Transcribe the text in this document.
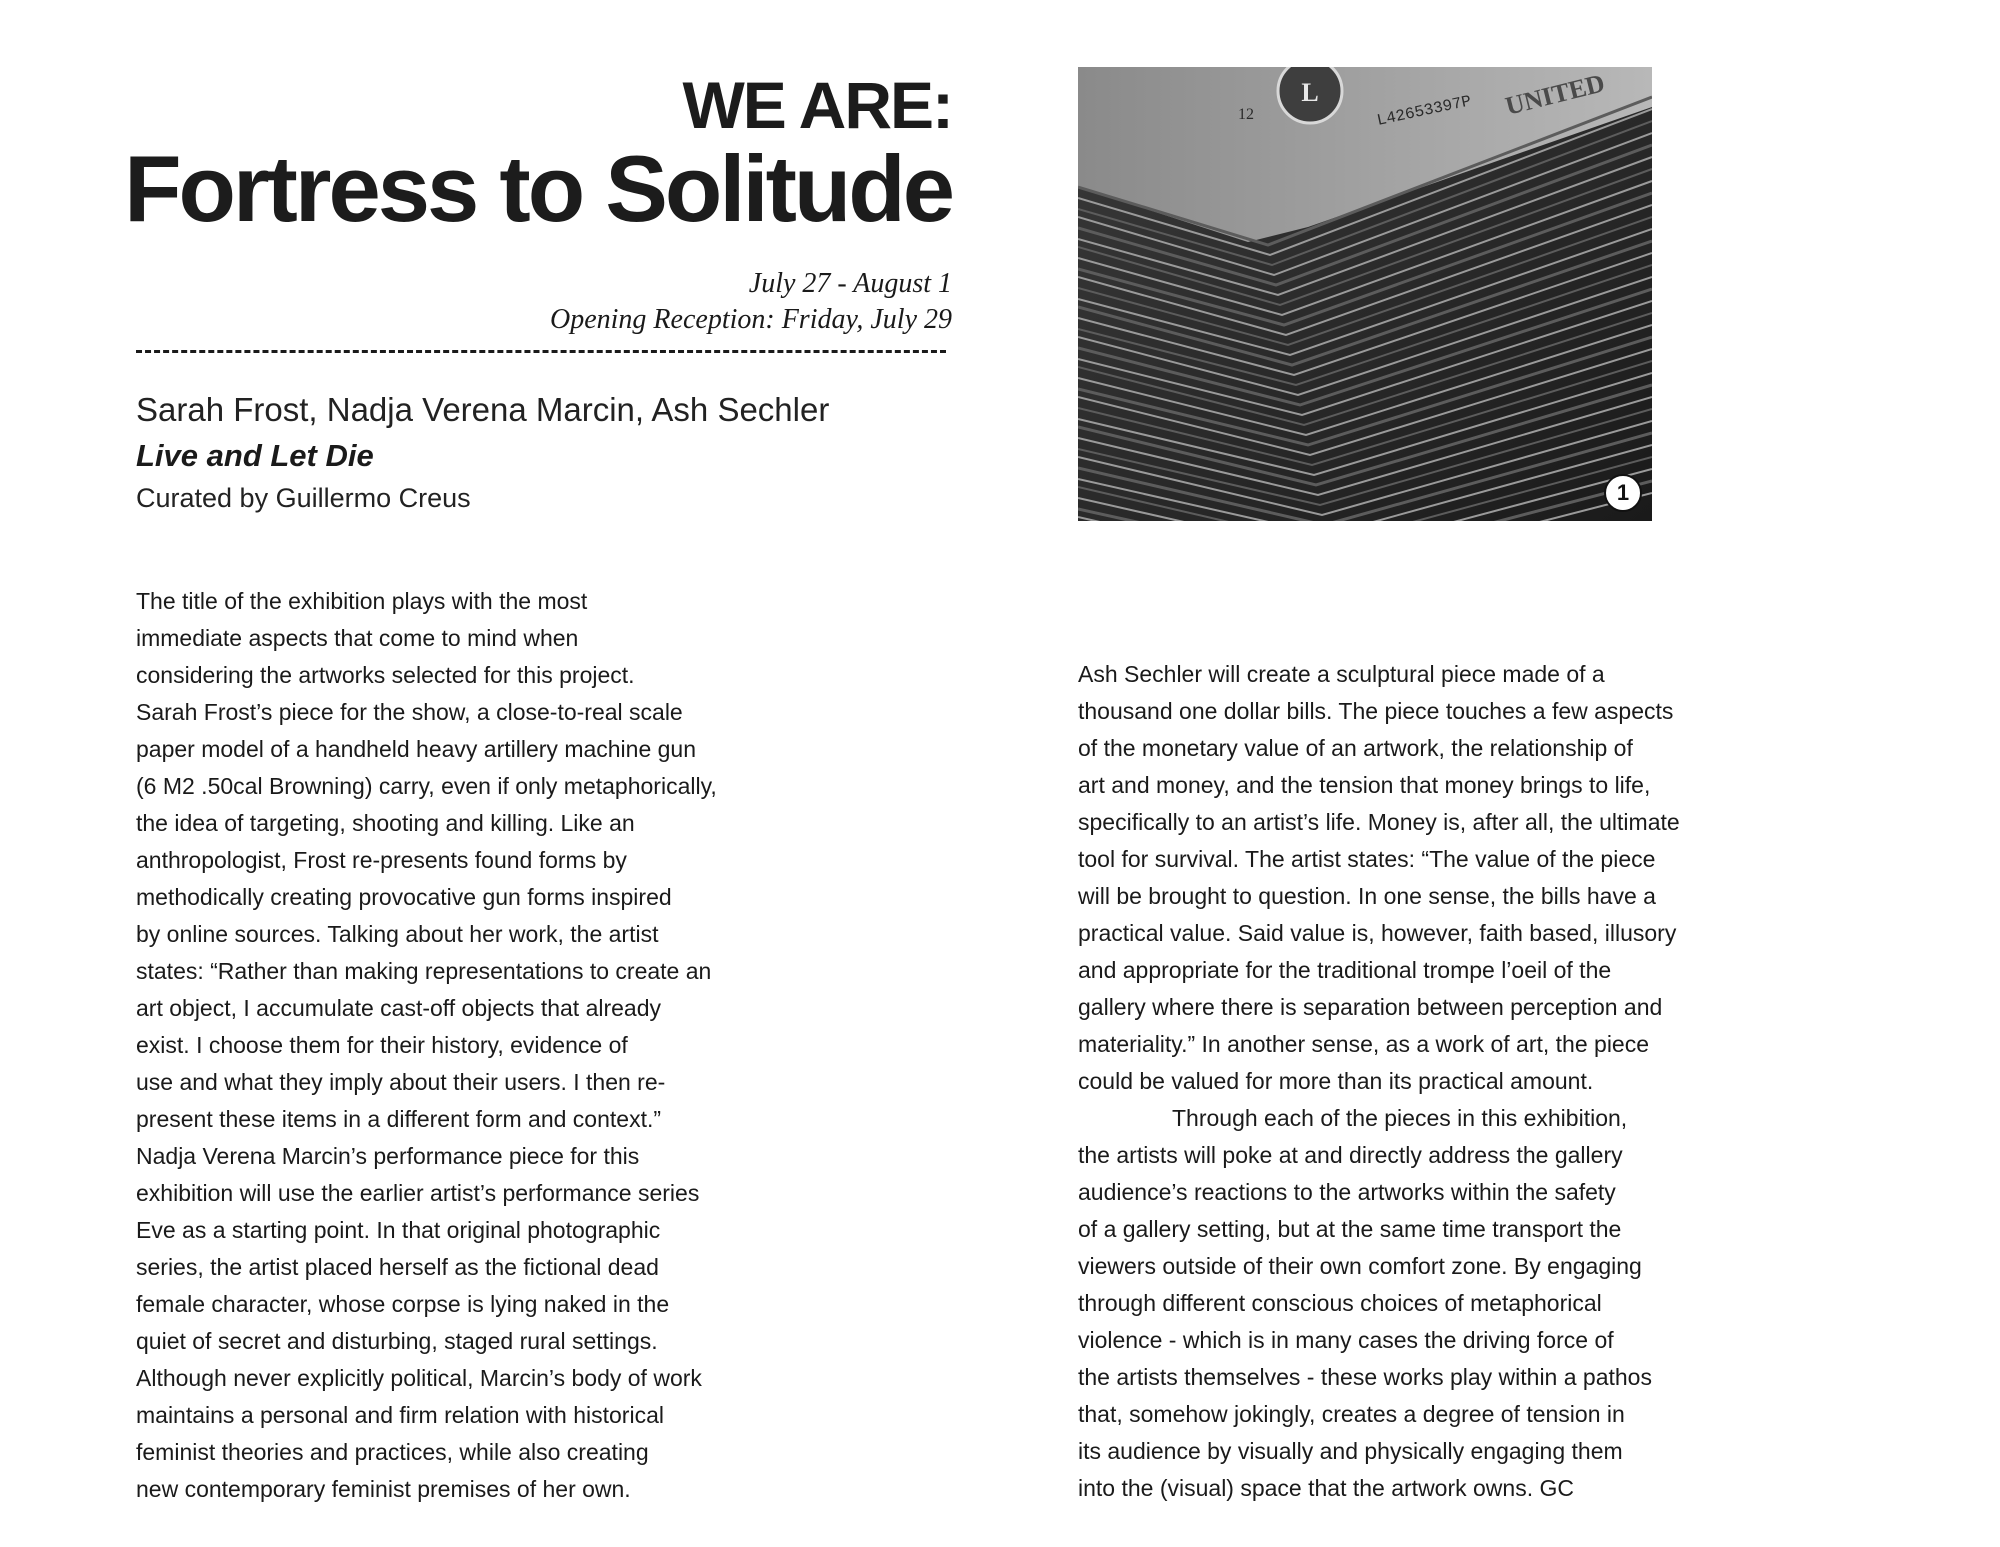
WE ARE:
Fortress to Solitude
July 27 - August 1
Opening Reception: Friday, July 29
Sarah Frost, Nadja Verena Marcin, Ash Sechler
Live and Let Die
Curated by Guillermo Creus
L	L42653397P
12	UNITED
1
The title of the exhibition plays with the most
immediate aspects that come to mind when
considering the artworks selected for this project.
Sarah Frost’s piece for the show, a close-to-real scale
paper model of a handheld heavy artillery machine gun
(6 M2 .50cal Browning) carry, even if only metaphorically,
the idea of targeting, shooting and killing. Like an
anthropologist, Frost re-presents found forms by
methodically creating provocative gun forms inspired
by online sources. Talking about her work, the artist
states: “Rather than making representations to create an
art object, I accumulate cast-off objects that already
exist. I choose them for their history, evidence of
use and what they imply about their users. I then re-
present these items in a different form and context.”
Nadja Verena Marcin’s performance piece for this
exhibition will use the earlier artist’s performance series
Eve as a starting point. In that original photographic
series, the artist placed herself as the fictional dead
female character, whose corpse is lying naked in the
quiet of secret and disturbing, staged rural settings.
Although never explicitly political, Marcin’s body of work
maintains a personal and firm relation with historical
feminist theories and practices, while also creating
new contemporary feminist premises of her own.
Ash Sechler will create a sculptural piece made of a
thousand one dollar bills. The piece touches a few aspects
of the monetary value of an artwork, the relationship of
art and money, and the tension that money brings to life,
specifically to an artist’s life. Money is, after all, the ultimate
tool for survival. The artist states: “The value of the piece
will be brought to question. In one sense, the bills have a
practical value. Said value is, however, faith based, illusory
and appropriate for the traditional trompe l’oeil of the
gallery where there is separation between perception and
materiality.” In another sense, as a work of art, the piece
could be valued for more than its practical amount.
Through each of the pieces in this exhibition,
the artists will poke at and directly address the gallery
audience’s reactions to the artworks within the safety
of a gallery setting, but at the same time transport the
viewers outside of their own comfort zone. By engaging
through different conscious choices of metaphorical
violence - which is in many cases the driving force of
the artists themselves - these works play within a pathos
that, somehow jokingly, creates a degree of tension in
its audience by visually and physically engaging them
into the (visual) space that the artwork owns. GC
